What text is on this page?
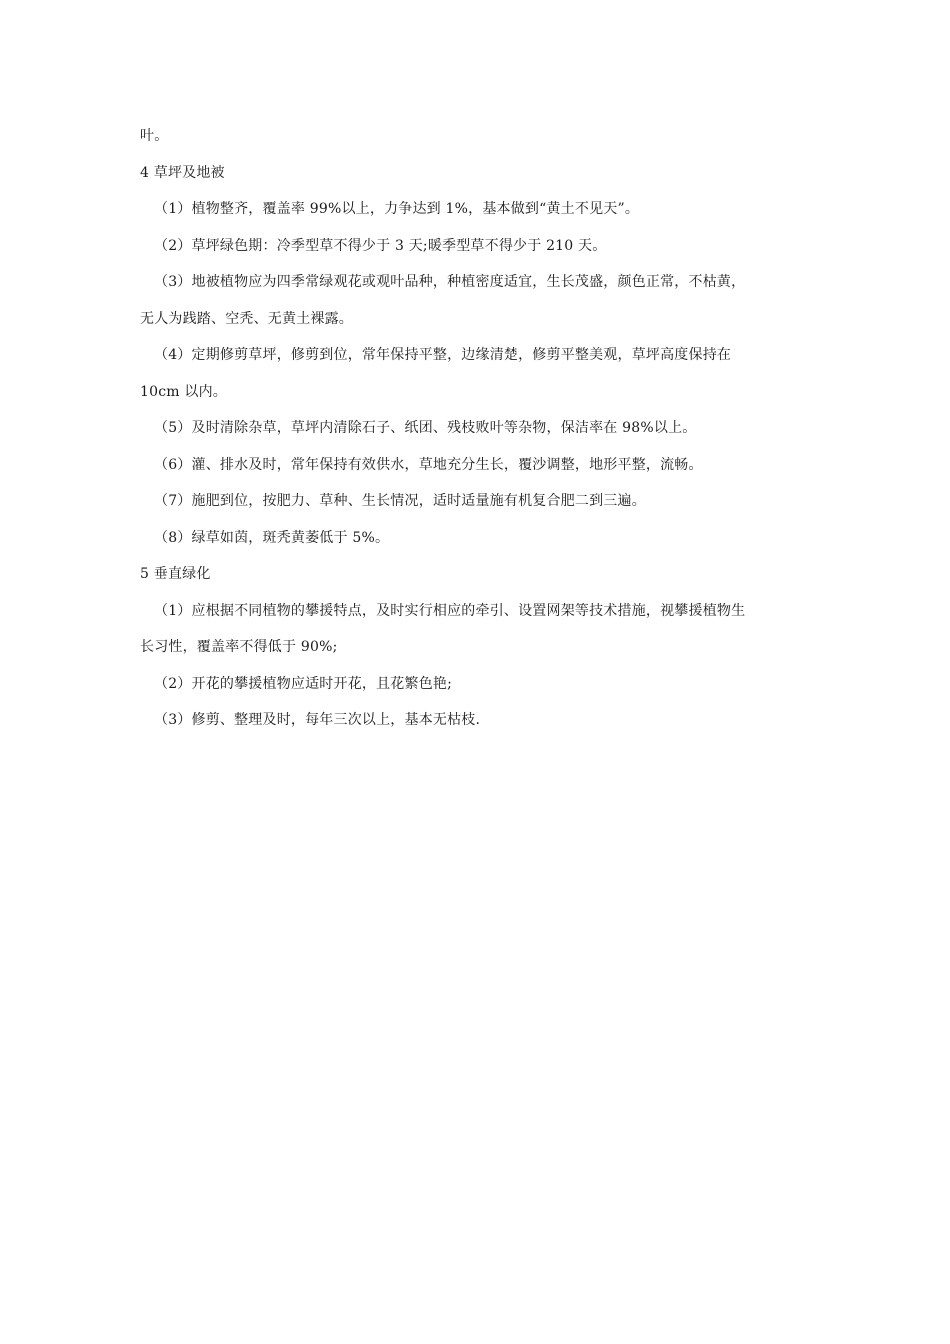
叶。
4 草坪及地被
（1）植物整齐，覆盖率 99%以上，力争达到 1%，基本做到“黄土不见天”。
（2）草坪绿色期：冷季型草不得少于 3 天;暖季型草不得少于 210 天。
（3）地被植物应为四季常绿观花或观叶品种，种植密度适宜，生长茂盛，颜色正常，不枯黄，
无人为践踏、空秃、无黄土裸露。
（4）定期修剪草坪，修剪到位，常年保持平整，边缘清楚，修剪平整美观，草坪高度保持在
10cm 以内。
（5）及时清除杂草，草坪内清除石子、纸团、残枝败叶等杂物，保洁率在 98%以上。
（6）灌、排水及时，常年保持有效供水，草地充分生长，覆沙调整，地形平整，流畅。
（7）施肥到位，按肥力、草种、生长情况，适时适量施有机复合肥二到三遍。
（8）绿草如茵，斑秃黄萎低于 5%。
5 垂直绿化
（1）应根据不同植物的攀援特点，及时实行相应的牵引、设置网架等技术措施，视攀援植物生
长习性，覆盖率不得低于 90%;
（2）开花的攀援植物应适时开花，且花繁色艳;
（3）修剪、整理及时，每年三次以上，基本无枯枝.
